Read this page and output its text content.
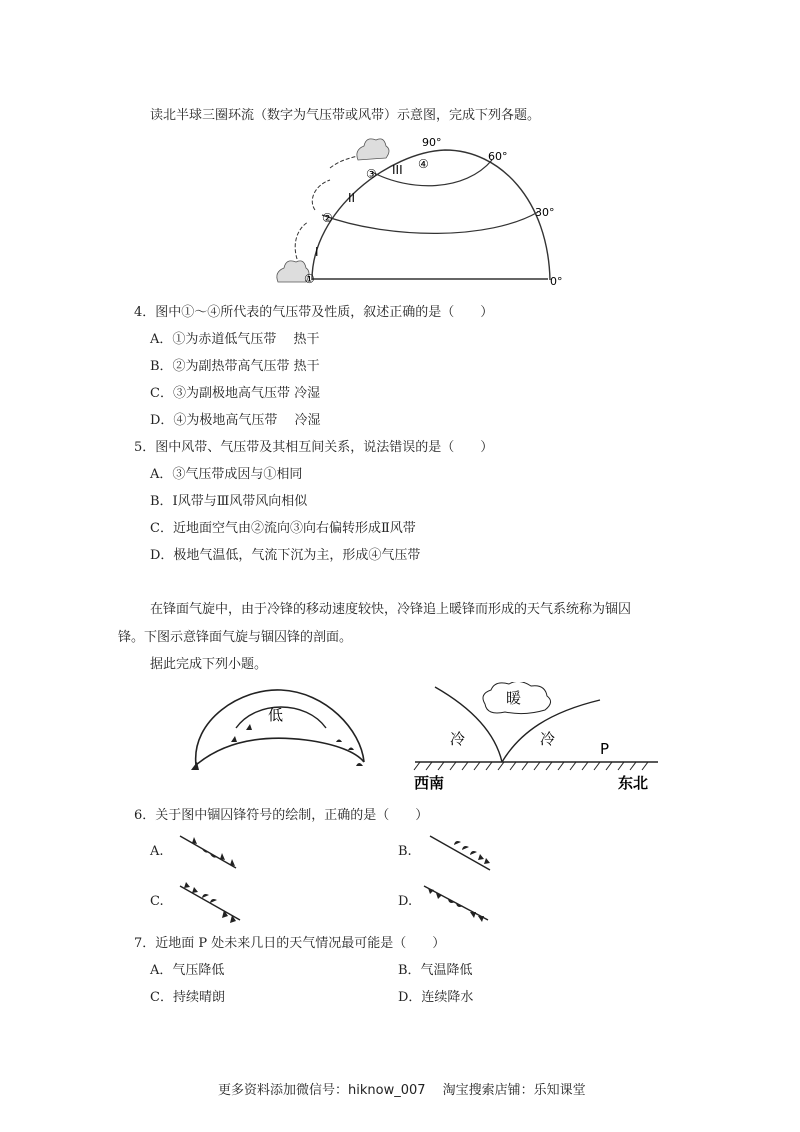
读北半球三圈环流（数字为气压带或风带）示意图，完成下列各题。
90°
60°
30°
0°
①
②
③
④
I
II
III
4．图中①～④所代表的气压带及性质，叙述正确的是（　　）
A．①为赤道低气压带　 热干
B．②为副热带高气压带 热干
C．③为副极地高气压带 冷湿
D．④为极地高气压带　 冷湿
5．图中风带、气压带及其相互间关系，说法错误的是（　　）
A．③气压带成因与①相同
B．Ⅰ风带与Ⅲ风带风向相似
C．近地面空气由②流向③向右偏转形成Ⅱ风带
D．极地气温低，气流下沉为主，形成④气压带
在锋面气旋中，由于冷锋的移动速度较快，冷锋追上暖锋而形成的天气系统称为锢囚
锋。下图示意锋面气旋与锢囚锋的剖面。
据此完成下列小题。
低
暖
冷	冷
P
西南	东北
6．关于图中锢囚锋符号的绘制，正确的是（　　）
A.	B.
C.	D.
7．近地面 P 处未来几日的天气情况最可能是（　　）
A．气压降低	B．气温降低
C．持续晴朗	D．连续降水
更多资料添加微信号：hiknow_007　 淘宝搜索店铺：乐知课堂
